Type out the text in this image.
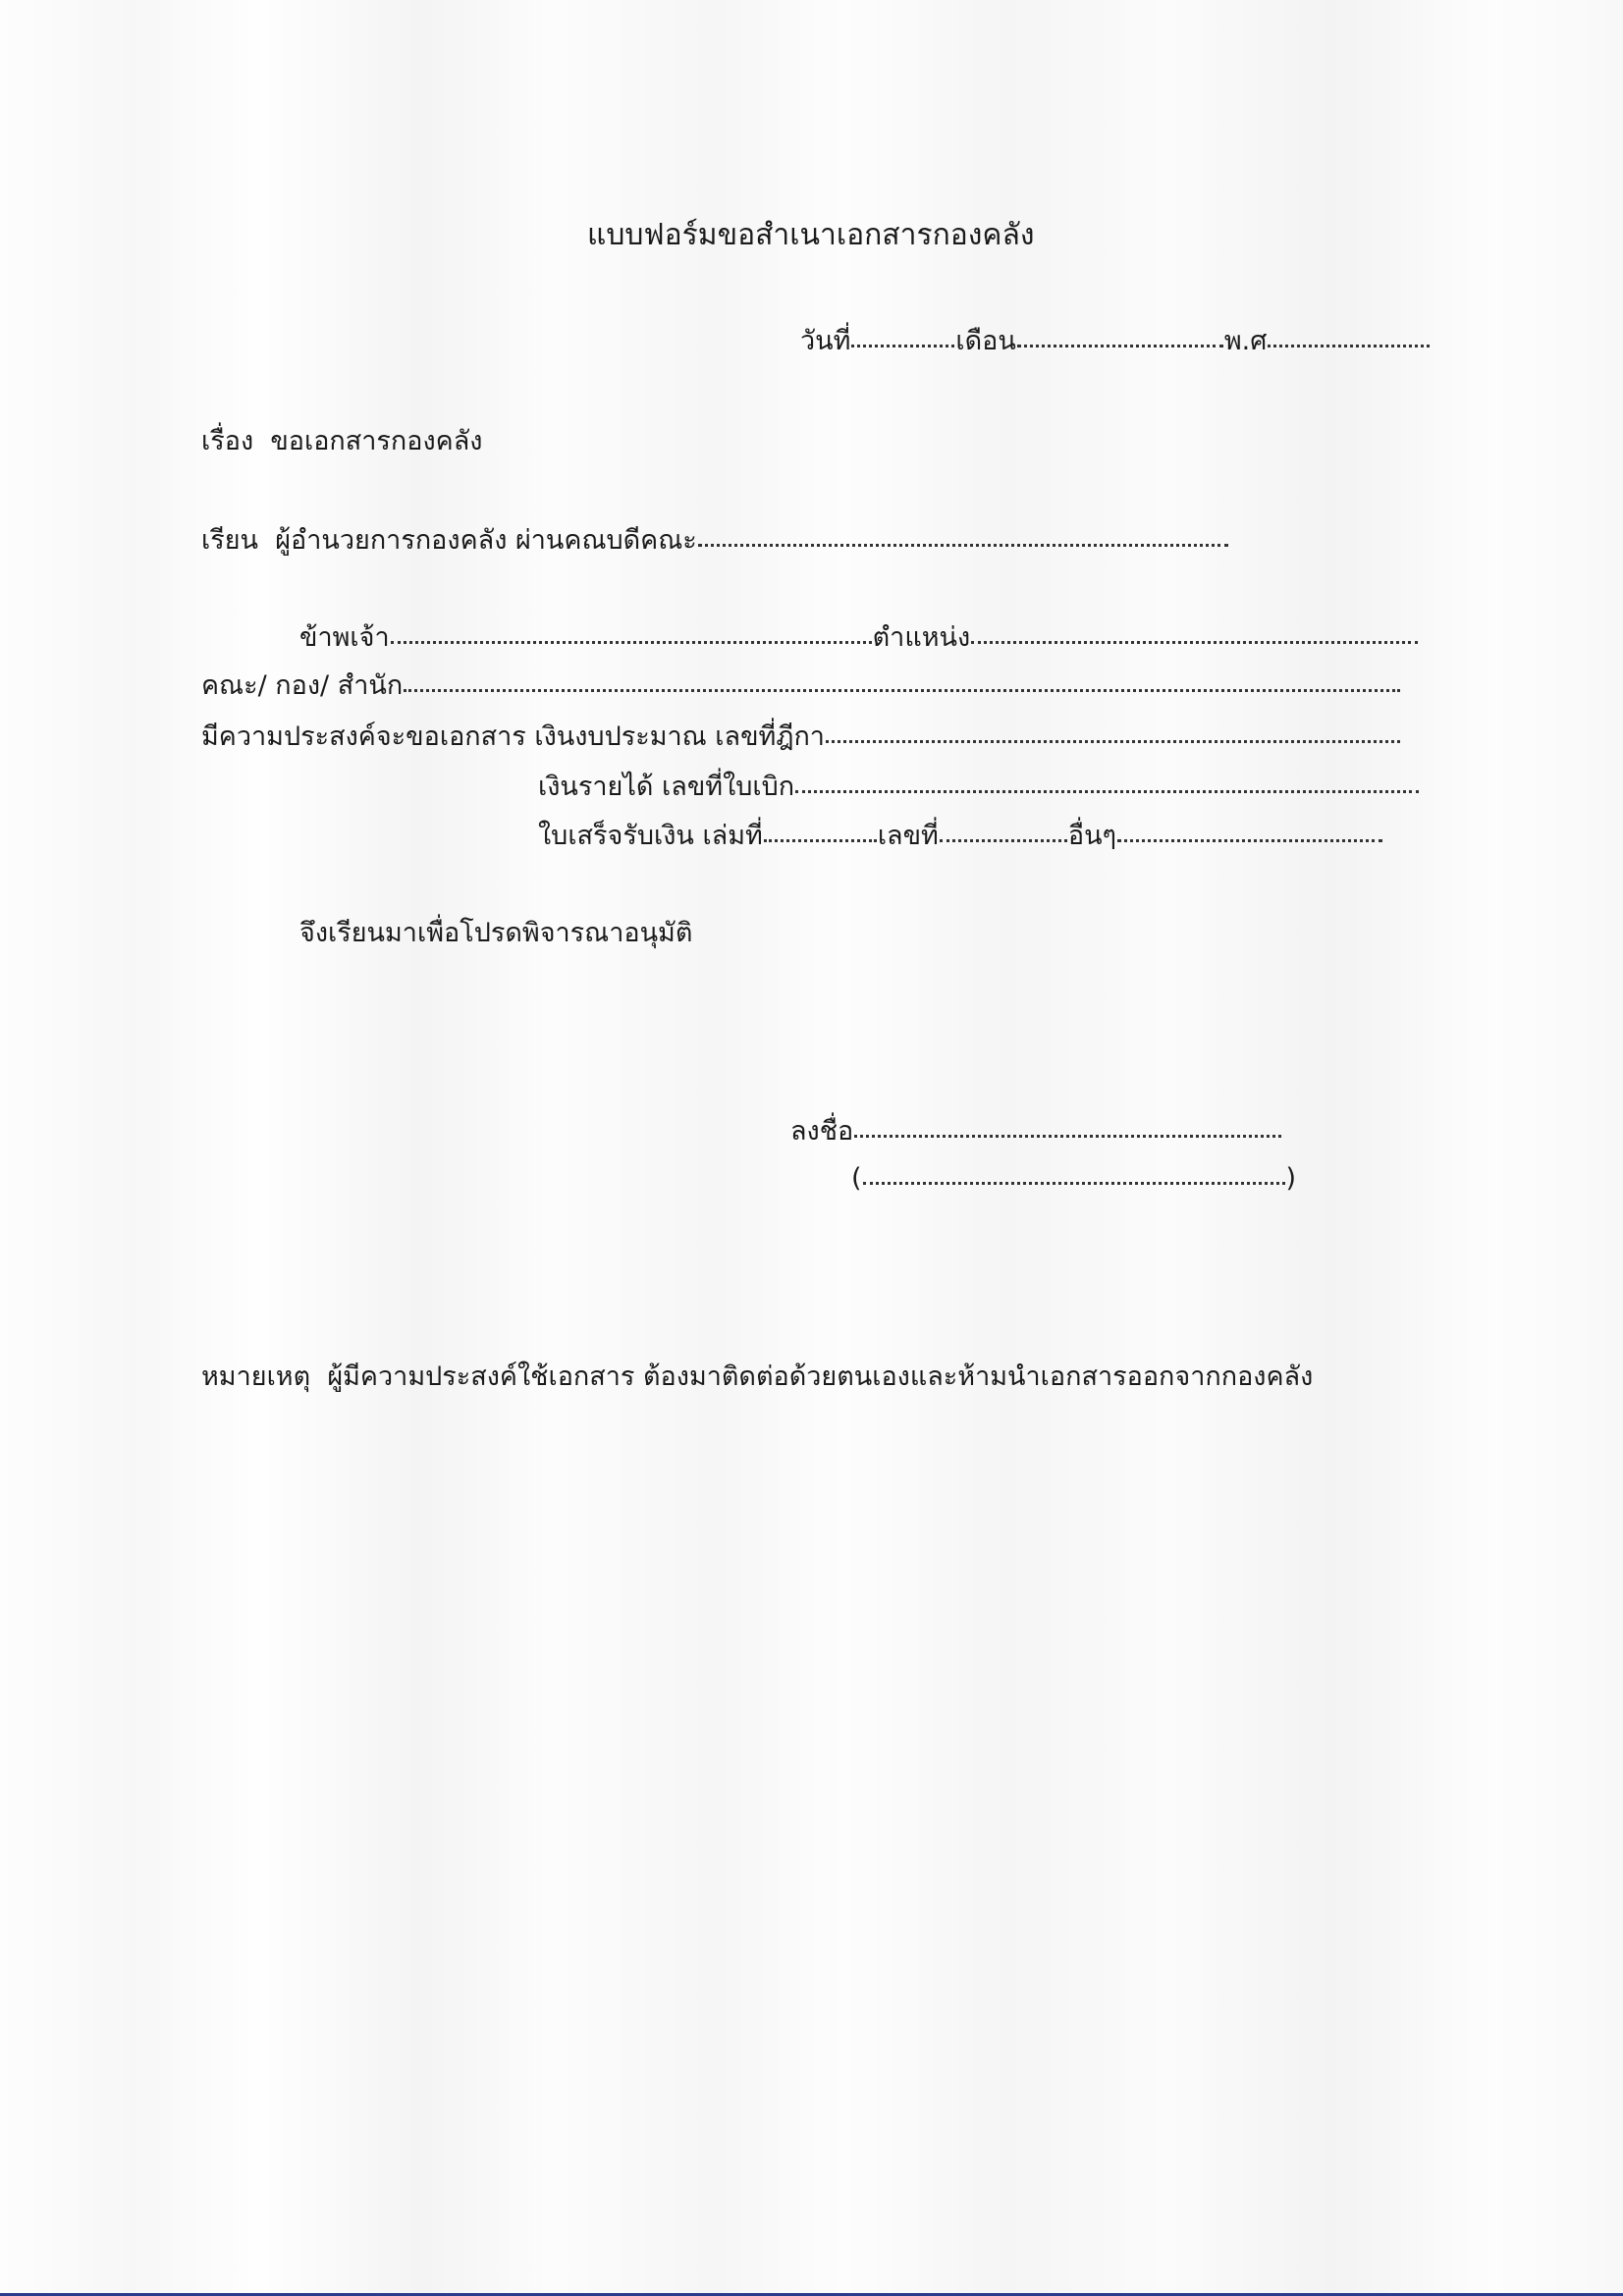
แบบฟอร์มขอสำเนาเอกสารกองคลัง
วันที่	เดือน	พ.ศ
เรื่อง ขอเอกสารกองคลัง
เรียน ผู้อำนวยการกองคลัง ผ่านคณบดีคณะ
ข้าพเจ้า	ตำแหน่ง
คณะ/ กอง/ สำนัก
มีความประสงค์จะขอเอกสาร เงินงบประมาณ เลขที่ฎีกา
เงินรายได้ เลขที่ใบเบิก
ใบเสร็จรับเงิน เล่มที่	เลขที่	อื่นๆ
จึงเรียนมาเพื่อโปรดพิจารณาอนุมัติ
ลงชื่อ
(	)
หมายเหตุ ผู้มีความประสงค์ใช้เอกสาร ต้องมาติดต่อด้วยตนเองและห้ามนำเอกสารออกจากกองคลัง
